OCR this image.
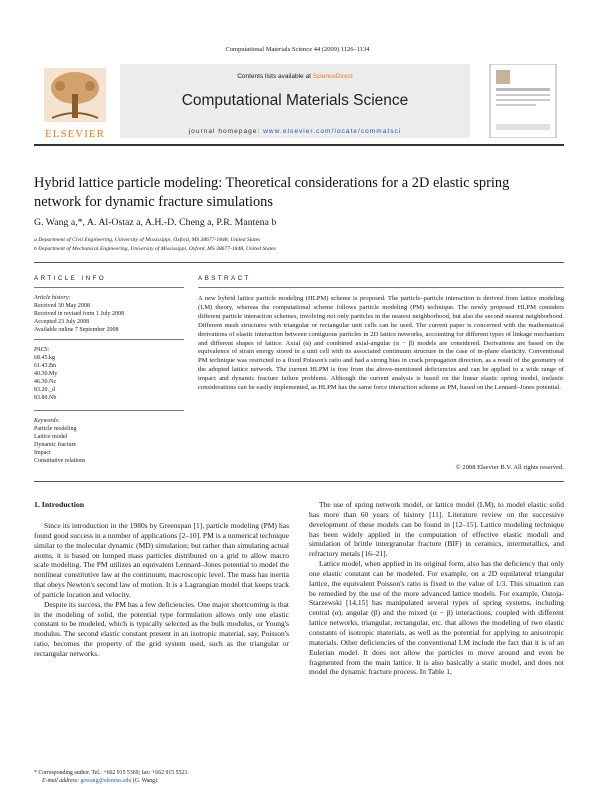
Computational Materials Science 44 (2009) 1126–1134
Contents lists available at ScienceDirect
Computational Materials Science
journal homepage: www.elsevier.com/locate/commatsci
ELSEVIER
Hybrid lattice particle modeling: Theoretical considerations for a 2D elastic spring
network for dynamic fracture simulations
G. Wang a,*, A. Al-Ostaz a, A.H.-D. Cheng a, P.R. Mantena b
a Department of Civil Engineering, University of Mississippi, Oxford, MS 38677-1848, United States
b Department of Mechanical Engineering, University of Mississippi, Oxford, MS 38677-1848, United States
ARTICLE INFO	ABSTRACT
Article history:
Received 30 May 2008
Received in revised form 1 July 2008
Accepted 23 July 2008
Available online 7 September 2008
PACS:
68.45.kg
61.43.Bn
40.30.My
46.30.Nz
83.20._d
83.80.Nb
Keywords:
Particle modeling
Lattice model
Dynamic fracture
Impact
Constitutive relations
A new hybrid lattice particle modeling (HLPM) scheme is proposed. The particle–particle interaction is derived from lattice modeling (LM) theory, whereas the computational scheme follows particle modeling (PM) technique. The newly proposed HLPM considers different particle interaction schemes, involving not only particles in the nearest neighborhood, but also the second nearest neighborhood. Different mesh structures with triangular or rectangular unit cells can be used. The current paper is concerned with the mathematical derivations of elastic interaction between contiguous particles in 2D lattice networks, accounting for different types of linkage mechanism and different shapes of lattice. Axial (α) and combined axial-angular (α − β) models are considered. Derivations are based on the equivalence of strain energy stored in a unit cell with its associated continuum structure in the case of in-plane elasticity. Conventional PM technique was restricted to a fixed Poisson's ratio and had a strong bias in crack propagation direction, as a result of the geometry of the adopted lattice network. The current HLPM is free from the above-mentioned deficiencies and can be applied to a wide range of impact and dynamic fracture failure problems. Although the current analysis is based on the linear elastic spring model, inelastic considerations can be easily implemented, as HLPM has the same force interaction scheme as PM, based on the Lennard–Jones potential.
© 2008 Elsevier B.V. All rights reserved.
1. Introduction

Since its introduction in the 1980s by Greenspan [1], particle modeling (PM) has found good success in a number of applications [2–10]. PM is a numerical technique similar to the molecular dynamic (MD) simulation; but rather than simulating actual atoms, it is based on lumped mass particles distributed on a grid to allow macro scale modeling. The PM utilizes an equivalent Lennard–Jones potential to model the nonlinear constitutive law at the continuum, macroscopic level. The mass has inertia that obeys Newton's second law of motion. It is a Lagrangian model that keeps track of particle location and velocity.

Despite its success, the PM has a few deficiencies. One major shortcoming is that in the modeling of solid, the potential type formulation allows only one elastic constant to be modeled, which is typically selected as the bulk modulus, or Young's modulus. The second elastic constant present in an isotropic material, say, Poisson's ratio, becomes the property of the grid system used, such as the triangular or rectangular networks.

The use of spring network model, or lattice model (LM), to model elastic solid has more than 60 years of history [11]. Literature review on the successive development of these models can be found in [12–15]. Lattice modeling technique has been widely applied in the computation of effective elastic moduli and simulation of brittle intergranular fracture (BIF) in ceramics, intermetallics, and refractory metals [16–21].

Lattice model, when applied in its original form, also has the deficiency that only one elastic constant can be modeled. For example, on a 2D equilateral triangular lattice, the equivalent Poisson's ratio is fixed to the value of 1/3. This situation can be remedied by the use of the more advanced lattice models. For example, Ostoja-Starzewski [14,15] has manipulated several types of spring systems, including central (α), angular (β) and the mixed (α − β) interactions, coupled with different lattice networks, triangular, rectangular, etc. that allows the modeling of two elastic constants of isotropic materials, as well as the potential for applying to anisotropic materials. Other deficiencies of the conventional LM include the fact that it is of an Eulerian model. It does not allow the particles to move around and even be fragmented from the main lattice. It is also basically a static model, and does not model the dynamic fracture process. In Table 1,

* Corresponding author. Tel.: +662 915 5369; fax: +662 915 5523.
E-mail address: gewang@olemiss.edu (G. Wang).
